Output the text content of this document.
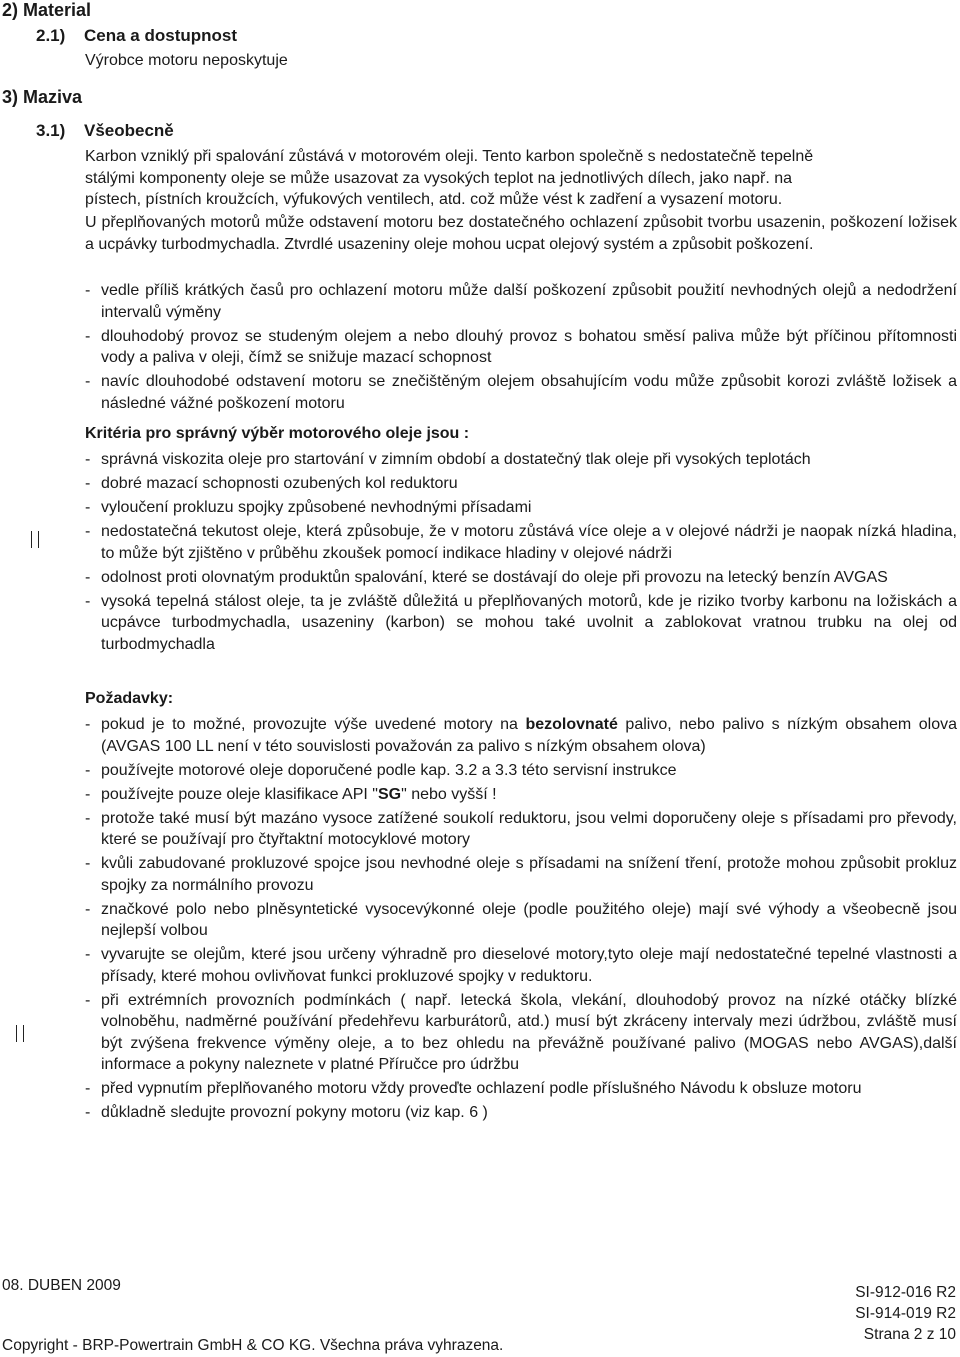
2) Material
2.1) Cena a dostupnost
Výrobce motoru neposkytuje
3) Maziva
3.1) Všeobecně
Karbon vzniklý při spalování zůstává v motorovém oleji. Tento karbon společně s nedostatečně tepelně
stálými komponenty oleje se může usazovat za vysokých teplot na jednotlivých dílech, jako např. na
pístech, pístních kroužcích, výfukových ventilech, atd. což může vést k zadření a vysazení motoru.
U přeplňovaných motorů může odstavení motoru bez dostatečného ochlazení způsobit tvorbu usazenin, poškození ložisek a ucpávky turbodmychadla. Ztvrdlé usazeniny oleje mohou ucpat olejový systém a způsobit poškození.
- vedle příliš krátkých časů pro ochlazení motoru může další poškození způsobit použití nevhodných olejů a nedodržení intervalů výměny
- dlouhodobý provoz se studeným olejem a nebo dlouhý provoz s bohatou směsí paliva může být příčinou přítomnosti vody a paliva v oleji, čímž se snižuje mazací schopnost
- navíc dlouhodobé odstavení motoru se znečištěným olejem obsahujícím vodu může způsobit korozi zvláště ložisek a následné vážné poškození motoru
Kritéria pro správný výběr motorového oleje jsou :
- správná viskozita oleje pro startování v zimním období a dostatečný tlak oleje při vysokých teplotách
- dobré mazací schopnosti ozubených kol reduktoru
- vyloučení prokluzu spojky způsobené nevhodnými přísadami
- nedostatečná tekutost oleje, která způsobuje, že v motoru zůstává více oleje a v olejové nádrži je naopak nízká hladina, to může být zjištěno v průběhu zkoušek pomocí indikace hladiny v olejové nádrži
- odolnost proti olovnatým produktůn spalování, které se dostávají do oleje při provozu na letecký benzín AVGAS
- vysoká tepelná stálost oleje, ta je zvláště důležitá u přeplňovaných motorů, kde je riziko tvorby karbonu na ložiskách a ucpávce turbodmychadla, usazeniny (karbon) se mohou také uvolnit a zablokovat vratnou trubku na olej od turbodmychadla
Požadavky:
- pokud je to možné, provozujte výše uvedené motory na bezolovnaté palivo, nebo palivo s nízkým obsahem olova (AVGAS 100 LL není v této souvislosti považován za palivo s nízkým obsahem olova)
- používejte motorové oleje doporučené podle kap. 3.2 a 3.3 této servisní instrukce
- používejte pouze oleje klasifikace API "SG" nebo vyšší !
- protože také musí být mazáno vysoce zatížené soukolí reduktoru, jsou velmi doporučeny oleje s přísadami pro převody, které se používají pro čtyřtaktní motocyklové motory
- kvůli zabudované prokluzové spojce jsou nevhodné oleje s přísadami na snížení tření, protože mohou způsobit prokluz spojky za normálního provozu
- značkové polo nebo plněsyntetické vysocevýkonné oleje (podle použitého oleje) mají své výhody a všeobecně jsou nejlepší volbou
- vyvarujte se olejům, které jsou určeny výhradně pro dieselové motory,tyto oleje mají nedostatečné tepelné vlastnosti a přísady, které mohou ovlivňovat funkci prokluzové spojky v reduktoru.
- při extrémních provozních podmínkách ( např. letecká škola, vlekání, dlouhodobý provoz na nízké otáčky blízké volnoběhu, nadměrné používání předehřevu karburátorů, atd.) musí být zkráceny intervaly mezi údržbou, zvláště musí být zvýšena frekvence výměny oleje, a to bez ohledu na převážně používané palivo (MOGAS nebo AVGAS),další informace a pokyny naleznete v platné Příručce pro údržbu
- před vypnutím přeplňovaného motoru vždy proveďte ochlazení podle příslušného Návodu k obsluze motoru
- důkladně sledujte provozní pokyny motoru (viz kap. 6 )
08. DUBEN 2009	SI-912-016 R2
SI-914-019 R2
Strana 2 z 10
Copyright - BRP-Powertrain GmbH & CO KG. Všechna práva vyhrazena.
